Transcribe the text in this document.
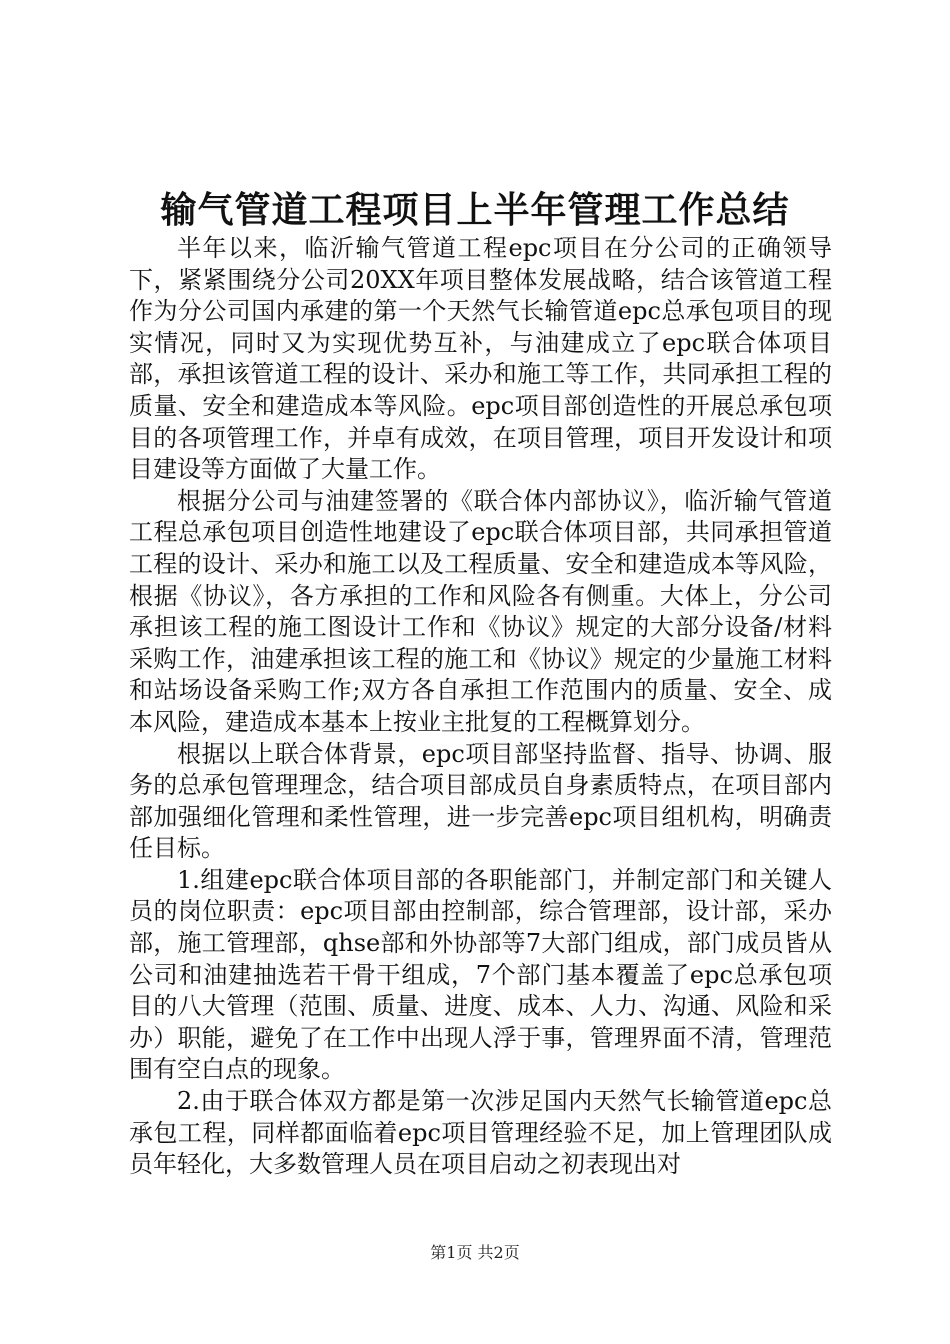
输气管道工程项目上半年管理工作总结

半年以来，临沂输气管道工程epc项目在分公司的正确领导下，紧紧围绕分公司20XX年项目整体发展战略，结合该管道工程作为分公司国内承建的第一个天然气长输管道epc总承包项目的现实情况，同时又为实现优势互补，与油建成立了epc联合体项目部，承担该管道工程的设计、采办和施工等工作，共同承担工程的质量、安全和建造成本等风险。epc项目部创造性的开展总承包项目的各项管理工作，并卓有成效，在项目管理，项目开发设计和项目建设等方面做了大量工作。

根据分公司与油建签署的《联合体内部协议》，临沂输气管道工程总承包项目创造性地建设了epc联合体项目部，共同承担管道工程的设计、采办和施工以及工程质量、安全和建造成本等风险，根据《协议》，各方承担的工作和风险各有侧重。大体上，分公司承担该工程的施工图设计工作和《协议》规定的大部分设备/材料采购工作，油建承担该工程的施工和《协议》规定的少量施工材料和站场设备采购工作;双方各自承担工作范围内的质量、安全、成本风险，建造成本基本上按业主批复的工程概算划分。

根据以上联合体背景，epc项目部坚持监督、指导、协调、服务的总承包管理理念，结合项目部成员自身素质特点，在项目部内部加强细化管理和柔性管理，进一步完善epc项目组机构，明确责任目标。

1.组建epc联合体项目部的各职能部门，并制定部门和关键人员的岗位职责：epc项目部由控制部，综合管理部，设计部，采办部，施工管理部，qhse部和外协部等7大部门组成，部门成员皆从公司和油建抽选若干骨干组成，7个部门基本覆盖了epc总承包项目的八大管理（范围、质量、进度、成本、人力、沟通、风险和采办）职能，避免了在工作中出现人浮于事，管理界面不清，管理范围有空白点的现象。

2.由于联合体双方都是第一次涉足国内天然气长输管道epc总承包工程，同样都面临着epc项目管理经验不足，加上管理团队成员年轻化，大多数管理人员在项目启动之初表现出对

第1页 共2页
